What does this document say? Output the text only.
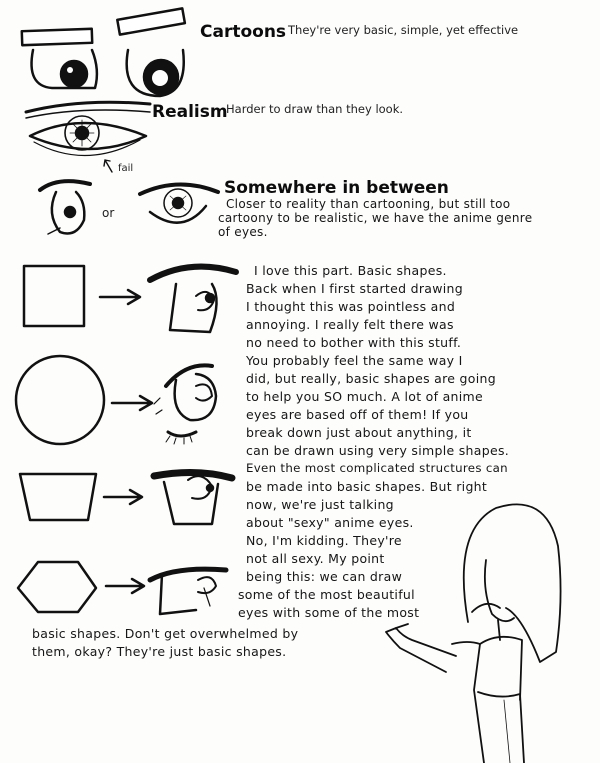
Cartoons They're very basic, simple, yet effective

Realism

Harder to draw than they look.

fail

Somewhere in between

or

Closer to reality than cartooning, but still too

cartoony to be realistic, we have the anime genre

of eyes.

I love this part. Basic shapes.

Back when I first started drawing

I thought this was pointless and

annoying. I really felt there was

no need to bother with this stuff.

You probably feel the same way I

did, but really, basic shapes are going

to help you SO much. A lot of anime

eyes are based off of them! If you

break down just about anything, it

can be drawn using very simple shapes.

Even the most complicated structures can

be made into basic shapes. But right

now, we're just talking

about "sexy" anime eyes.

No, I'm kidding. They're

not all sexy. My point

being this: we can draw

some of the most beautiful

eyes with some of the most

basic shapes. Don't get overwhelmed by

them, okay? They're just basic shapes.
